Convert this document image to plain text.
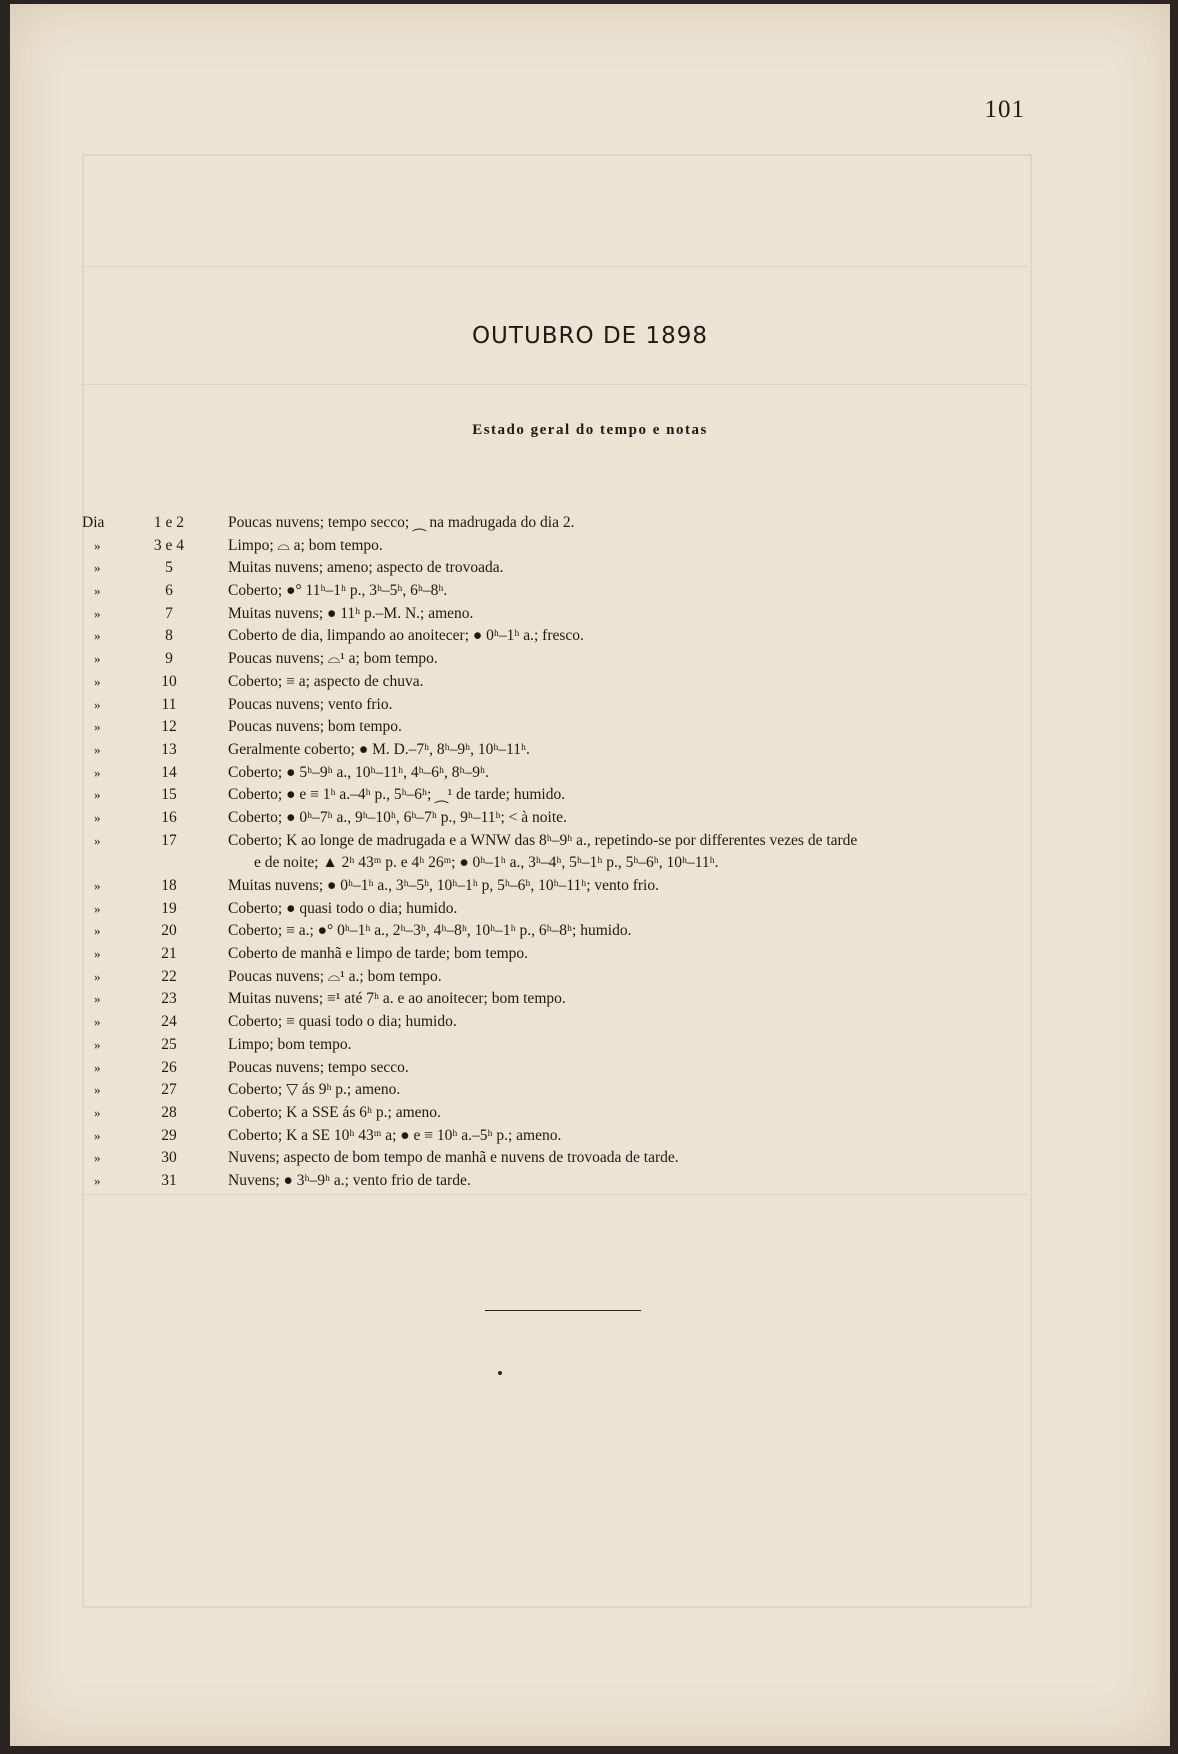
101
OUTUBRO DE 1898
Estado geral do tempo e notas
Dia	1 e 2	Poucas nuvens; tempo secco; ⁔ na madrugada do dia 2.
»	3 e 4	Limpo; ⌓ a; bom tempo.
»	5	Muitas nuvens; ameno; aspecto de trovoada.
»	6	Coberto; ●° 11ʰ–1ʰ p., 3ʰ–5ʰ, 6ʰ–8ʰ.
»	7	Muitas nuvens; ● 11ʰ p.–M. N.; ameno.
»	8	Coberto de dia, limpando ao anoitecer; ● 0ʰ–1ʰ a.; fresco.
»	9	Poucas nuvens; ⌓¹ a; bom tempo.
»	10	Coberto; ≡ a; aspecto de chuva.
»	11	Poucas nuvens; vento frio.
»	12	Poucas nuvens; bom tempo.
»	13	Geralmente coberto; ● M. D.–7ʰ, 8ʰ–9ʰ, 10ʰ–11ʰ.
»	14	Coberto; ● 5ʰ–9ʰ a., 10ʰ–11ʰ, 4ʰ–6ʰ, 8ʰ–9ʰ.
»	15	Coberto; ● e ≡ 1ʰ a.–4ʰ p., 5ʰ–6ʰ; ⁔¹ de tarde; humido.
»	16	Coberto; ● 0ʰ–7ʰ a., 9ʰ–10ʰ, 6ʰ–7ʰ p., 9ʰ–11ʰ; < à noite.
»	17	Coberto; K ao longe de madrugada e a WNW das 8ʰ–9ʰ a., repetindo-se por differentes vezes de tarde
e de noite; ▲ 2ʰ 43ᵐ p. e 4ʰ 26ᵐ; ● 0ʰ–1ʰ a., 3ʰ–4ʰ, 5ʰ–1ʰ p., 5ʰ–6ʰ, 10ʰ–11ʰ.
»	18	Muitas nuvens; ● 0ʰ–1ʰ a., 3ʰ–5ʰ, 10ʰ–1ʰ p, 5ʰ–6ʰ, 10ʰ–11ʰ; vento frio.
»	19	Coberto; ● quasi todo o dia; humido.
»	20	Coberto; ≡ a.; ●° 0ʰ–1ʰ a., 2ʰ–3ʰ, 4ʰ–8ʰ, 10ʰ–1ʰ p., 6ʰ–8ʰ; humido.
»	21	Coberto de manhã e limpo de tarde; bom tempo.
»	22	Poucas nuvens; ⌓¹ a.; bom tempo.
»	23	Muitas nuvens; ≡¹ até 7ʰ a. e ao anoitecer; bom tempo.
»	24	Coberto; ≡ quasi todo o dia; humido.
»	25	Limpo; bom tempo.
»	26	Poucas nuvens; tempo secco.
»	27	Coberto; ▽ ás 9ʰ p.; ameno.
»	28	Coberto; K a SSE ás 6ʰ p.; ameno.
»	29	Coberto; K a SE 10ʰ 43ᵐ a; ● e ≡ 10ʰ a.–5ʰ p.; ameno.
»	30	Nuvens; aspecto de bom tempo de manhã e nuvens de trovoada de tarde.
»	31	Nuvens; ● 3ʰ–9ʰ a.; vento frio de tarde.
